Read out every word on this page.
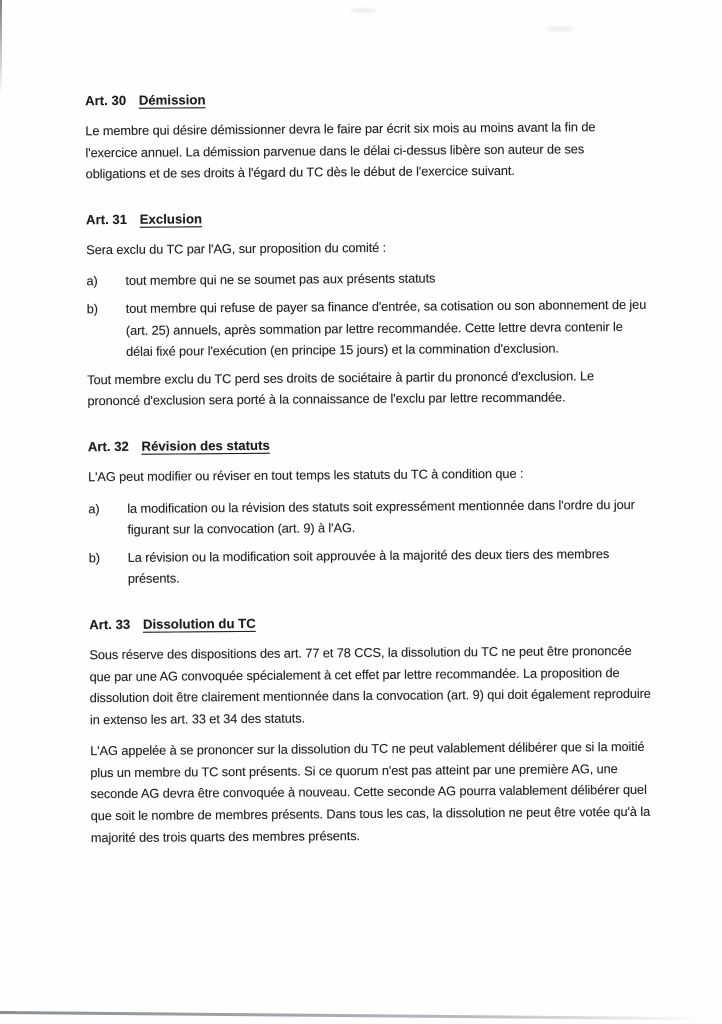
Art. 30 Démission

Le membre qui désire démissionner devra le faire par écrit six mois au moins avant la fin de l'exercice annuel. La démission parvenue dans le délai ci-dessus libère son auteur de ses obligations et de ses droits à l'égard du TC dès le début de l'exercice suivant.

Art. 31 Exclusion

Sera exclu du TC par l'AG, sur proposition du comité :

a)	tout membre qui ne se soumet pas aux présents statuts
b)	tout membre qui refuse de payer sa finance d'entrée, sa cotisation ou son abonnement de jeu (art. 25) annuels, après sommation par lettre recommandée. Cette lettre devra contenir le délai fixé pour l'exécution (en principe 15 jours) et la commination d'exclusion.

Tout membre exclu du TC perd ses droits de sociétaire à partir du prononcé d'exclusion. Le prononcé d'exclusion sera porté à la connaissance de l'exclu par lettre recommandée.

Art. 32 Révision des statuts

L'AG peut modifier ou réviser en tout temps les statuts du TC à condition que :

a)	la modification ou la révision des statuts soit expressément mentionnée dans l'ordre du jour figurant sur la convocation (art. 9) à l'AG.
b)	La révision ou la modification soit approuvée à la majorité des deux tiers des membres présents.
Art. 33 Dissolution du TC

Sous réserve des dispositions des art. 77 et 78 CCS, la dissolution du TC ne peut être prononcée que par une AG convoquée spécialement à cet effet par lettre recommandée. La proposition de dissolution doit être clairement mentionnée dans la convocation (art. 9) qui doit également reproduire in extenso les art. 33 et 34 des statuts.

L'AG appelée à se prononcer sur la dissolution du TC ne peut valablement délibérer que si la moitié plus un membre du TC sont présents. Si ce quorum n'est pas atteint par une première AG, une seconde AG devra être convoquée à nouveau. Cette seconde AG pourra valablement délibérer quel que soit le nombre de membres présents. Dans tous les cas, la dissolution ne peut être votée qu'à la majorité des trois quarts des membres présents.
